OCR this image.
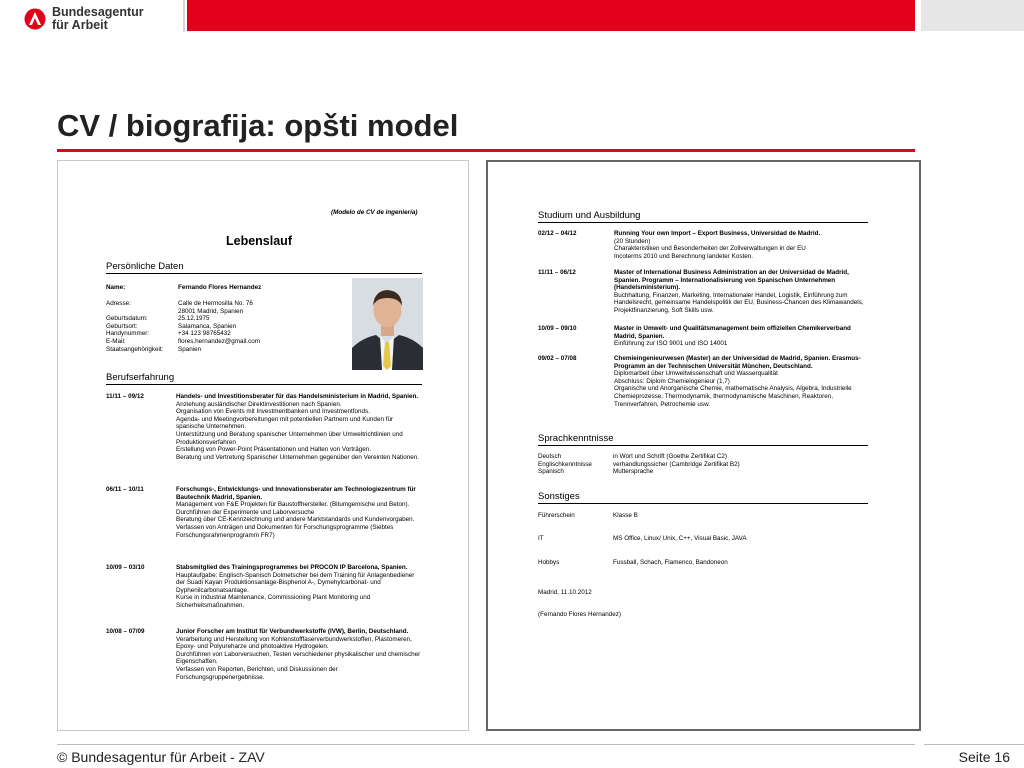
Bundesagentur
für Arbeit
CV / biografija: opšti model
(Modelo de CV de ingeniería)
Lebenslauf
Persönliche Daten
Name:	Fernando Flores Hernandez
Adresse:	Calle de Hermosilla No. 76
28001 Madrid, Spanien
Geburtsdatum:	25.12.1975
Geburtsort:	Salamanca, Spanien
Handynummer:	+34 123 98765432
E-Mail:	flores.hernandez@gmail.com
Staatsangehörigkeit:	Spanien
Berufserfahrung
11/11 – 09/12	Handels- und Investitionsberater für das Handelsministerium in Madrid, Spanien.
Anziehung ausländischer Direktinvestitionen nach Spanien.
Organisation von Events mit Investmentbanken und Investmentfonds.
Agenda- und Meetingvorbereitungen mit potentiellen Partnern und Kunden für spanische Unternehmen.
Unterstützung und Beratung spanischer Unternehmen über Umweltrichtlinien und Produktionsverfahren
Erstellung von Power-Point Präsentationen und Halten von Vorträgen.
Beratung und Vertretung Spanischer Unternehmen gegenüber den Vereinten Nationen.
06/11 – 10/11	Forschungs-, Entwicklungs- und Innovationsberater am Technologiezentrum für Bautechnik Madrid, Spanien.
Management von F&E Projekten für Baustoffhersteller. (Bitumgemische und Beton).
Durchführen der Experimente und Laborversuche
Beratung über CE-Kennzeichnung und andere Marktstandards und Kundenvorgaben.
Verfassen von Anträgen und Dokumenten für Forschungsprogramme (Siebtes Forschungsrahmenprogramm FR7)
10/09 – 03/10	Stabsmitglied des Trainingsprogrammes bei PROCON IP Barcelona, Spanien.
Hauptaufgabe: Englisch-Spanisch Dolmetscher bei dem Training für Anlagenbediener der Suadi Kayan Produktionsanlage-Bisphenol A-, Dymehylcarbonat- und Dyphenilcarbonatsanlage.
Kurse in Industrial Maintenance, Commissioning Plant Monitoring und Sicherheitsmaßnahmen.
10/08 – 07/09	Junior Forscher am Institut für Verbundwerkstoffe (IVW), Berlin, Deutschland.
Verarbeitung und Herstellung von Kohlenstofffaserverbundwerkstoffen, Plastomeren, Epoxy- und Polyureharze und photoaktive Hydrogelen.
Durchführen von Laborversuchen, Testen verschiedener physikalischer und chemischer Eigenschaften.
Verfassen von Reporten, Berichten, und Diskussionen der Forschungsgruppenergebnisse.
Studium und Ausbildung
02/12 – 04/12	Running Your own Import – Export Business, Universidad de Madrid.
(20 Stunden)
Charakteristiken und Besonderheiten der Zollverwaltungen in der EU
Incoterms 2010 und Berechnung landeter Kosten.
11/11 – 06/12	Master of International Business Administration an der Universidad de Madrid, Spanien. Programm – Internationalisierung von Spanischen Unternehmen (Handelsministerium).
Buchhaltung, Finanzen, Marketing, Internationaler Handel, Logistik, Einführung zum Handelsrecht, gemeinsame Handelspolitik der EU, Business-Chancen des Klimawandels, Projektfinanzierung, Soft Skills usw.
10/09 – 09/10	Master in Umwelt- und Qualitätsmanagement beim offiziellen Chemikerverband Madrid, Spanien.
Einführung zur ISO 9001 und ISO 14001
09/02 – 07/08	Chemieingenieurwesen (Master) an der Universidad de Madrid, Spanien. Erasmus-Programm an der Technischen Universität München, Deutschland.
Diplomarbeit über Umweltwissenschaft und Wasserqualität
Abschluss: Diplom Chemieingenieur (1,7)
Organische und Anorganische Chemie, mathematische Analysis, Algebra, Industrielle Chemieprozesse, Thermodynamik, thermodynamische Maschinen, Reaktoren, Trennverfahren, Petrochemie usw.
Sprachkenntnisse
Deutsch	in Wort und Schrift (Goethe Zertifikat C2)
Englischkenntnisse	verhandlungssicher (Cambridge Zertifikat B2)
Spanisch	Muttersprache
Sonstiges
Führerschein	Klasse B
IT	MS Office, Linux/ Unix, C++, Visual Basic, JAVA
Hobbys	Fussball, Schach, Flamenco, Bandoneon
Madrid, 11.10.2012
(Fernando Flores Hernandez)
© Bundesagentur für Arbeit - ZAV	Seite 16
